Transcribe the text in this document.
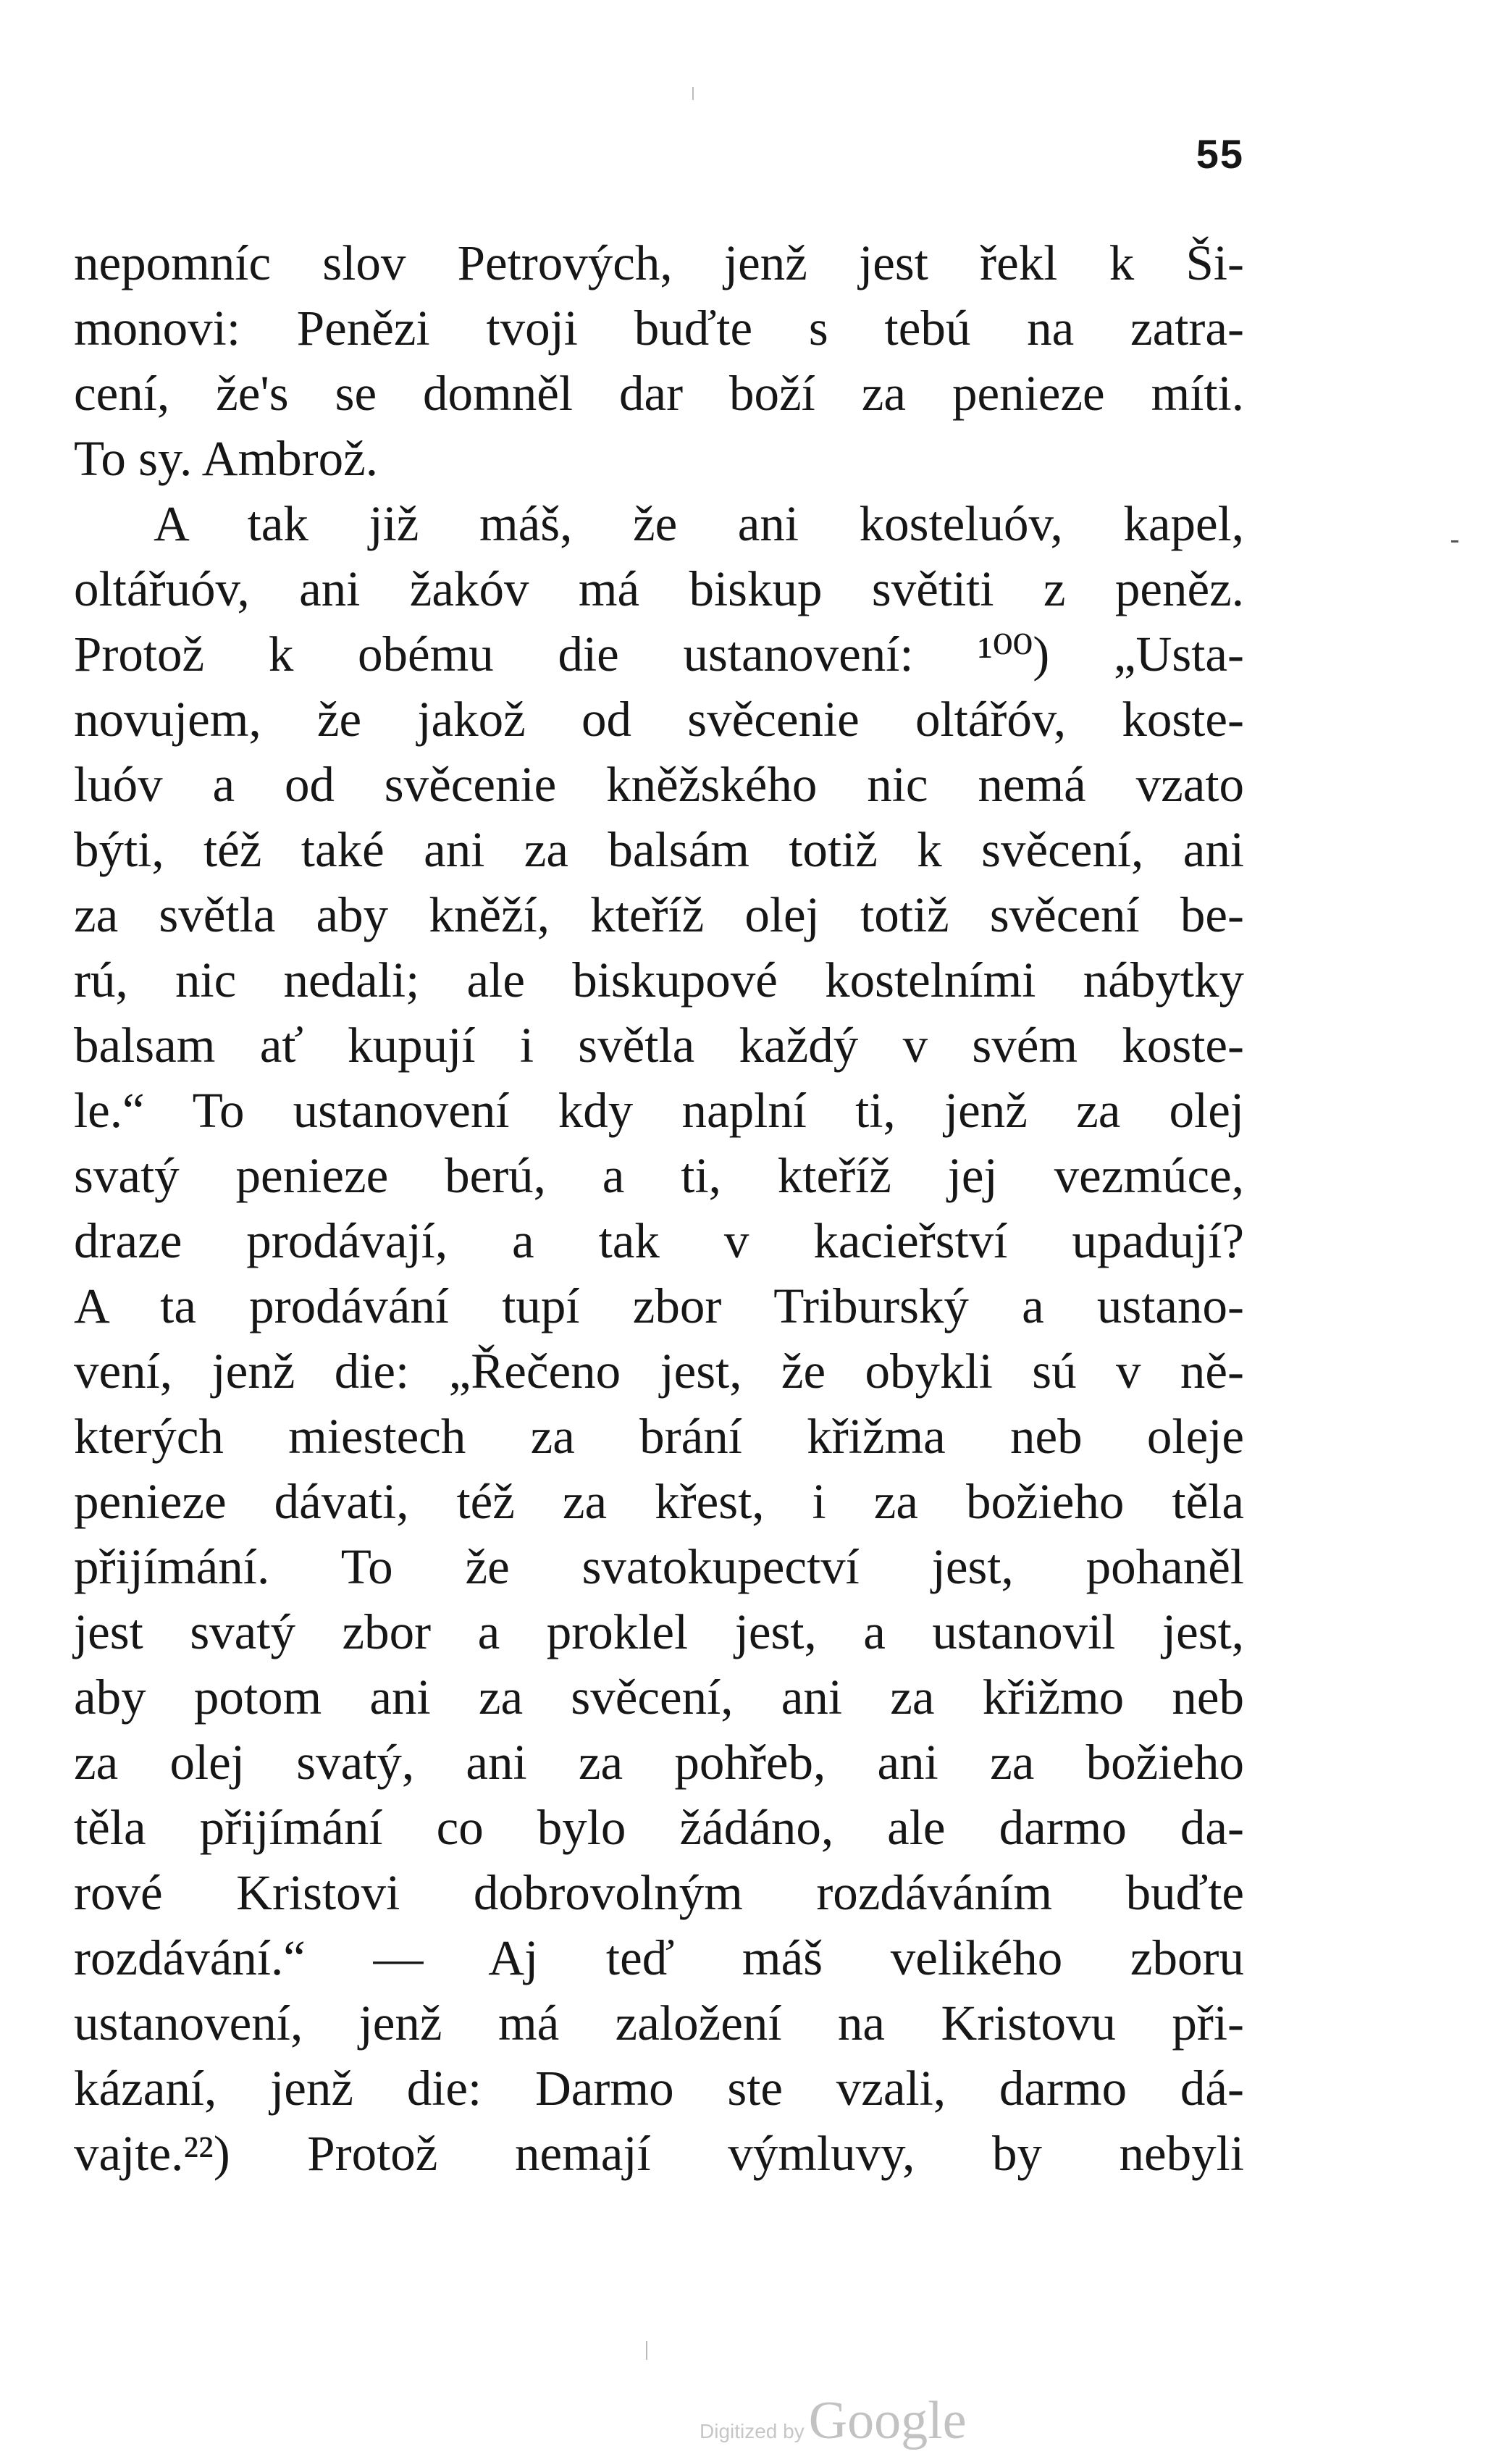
55
nepomníc slov Petrových, jenž jest řekl k Ši-
monovi: Penězi tvoji buďte s tebú na zatra-
cení, že's se domněl dar boží za penieze míti.
To sy. Ambrož.
A tak již máš, že ani kosteluóv, kapel,
oltářuóv, ani žakóv má biskup světiti z peněz.
Protož k obému die ustanovení: ¹⁰⁰) „Usta-
novujem, že jakož od svěcenie oltářóv, koste-
luóv a od svěcenie kněžského nic nemá vzato
býti, též také ani za balsám totiž k svěcení, ani
za světla aby kněží, kteříž olej totiž svěcení be-
rú, nic nedali; ale biskupové kostelními nábytky
balsam ať kupují i světla každý v svém koste-
le.“ To ustanovení kdy naplní ti, jenž za olej
svatý penieze berú, a ti, kteříž jej vezmúce,
draze prodávají, a tak v kacieřství upadují?
A ta prodávání tupí zbor Triburský a ustano-
vení, jenž die: „Řečeno jest, že obykli sú v ně-
kterých miestech za brání křižma neb oleje
penieze dávati, též za křest, i za božieho těla
přijímání. To že svatokupectví jest, pohaněl
jest svatý zbor a proklel jest, a ustanovil jest,
aby potom ani za svěcení, ani za křižmo neb
za olej svatý, ani za pohřeb, ani za božieho
těla přijímání co bylo žádáno, ale darmo da-
rové Kristovi dobrovolným rozdáváním buďte
rozdávání.“ — Aj teď máš velikého zboru
ustanovení, jenž má založení na Kristovu při-
kázaní, jenž die: Darmo ste vzali, darmo dá-
vajte.²²) Protož nemají výmluvy, by nebyli
Digitized by Google
